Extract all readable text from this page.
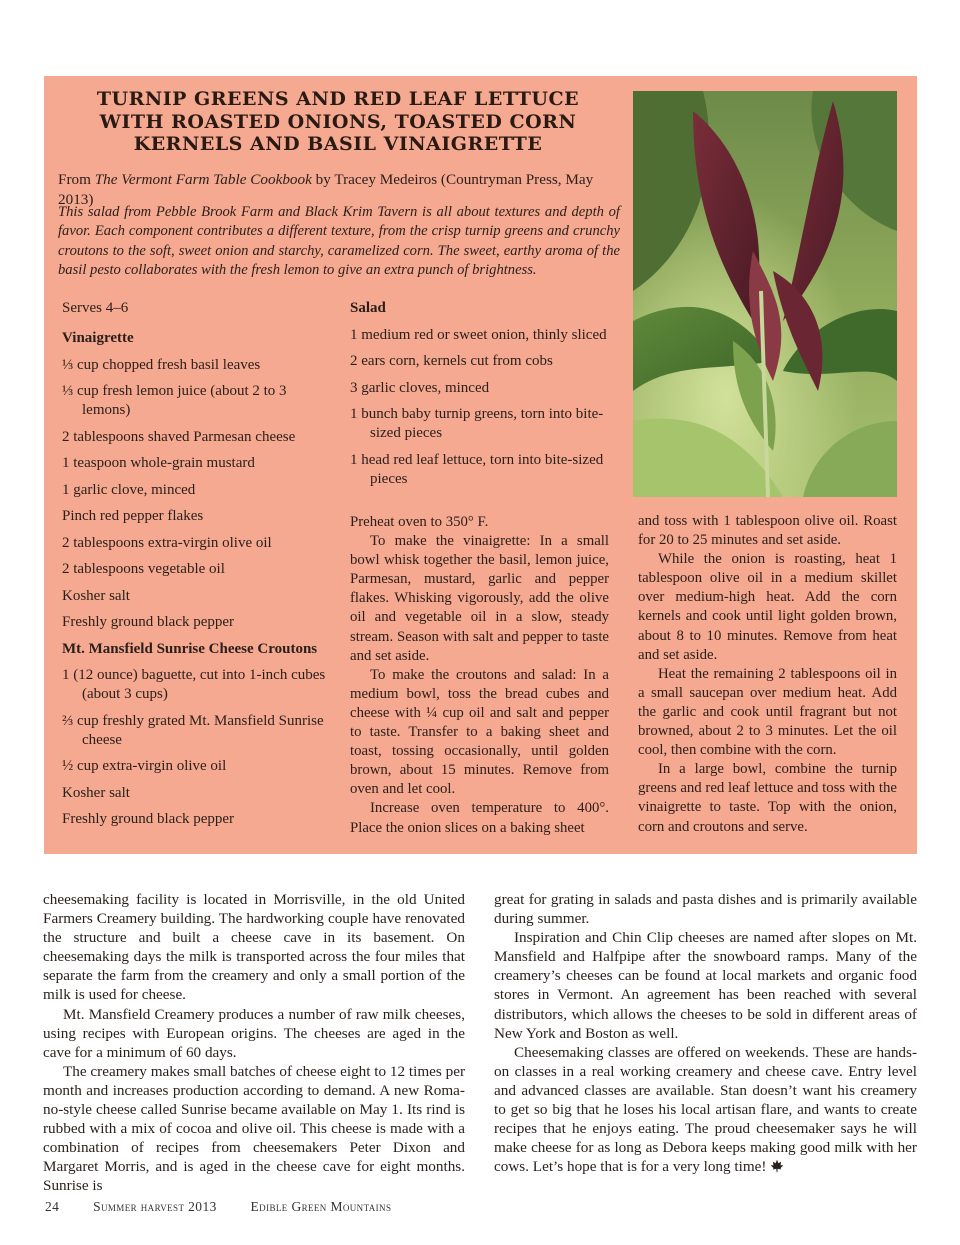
TURNIP GREENS AND RED LEAF LETTUCE WITH ROASTED ONIONS, TOASTED CORN KERNELS AND BASIL VINAIGRETTE
From The Vermont Farm Table Cookbook by Tracey Medeiros (Countryman Press, May 2013)
This salad from Pebble Brook Farm and Black Krim Tavern is all about textures and depth of favor. Each component contributes a different texture, from the crisp turnip greens and crunchy croutons to the soft, sweet onion and starchy, caramelized corn. The sweet, earthy aroma of the basil pesto collaborates with the fresh lemon to give an extra punch of brightness.
Serves 4–6
Vinaigrette
⅓ cup chopped fresh basil leaves
⅓ cup fresh lemon juice (about 2 to 3 lemons)
2 tablespoons shaved Parmesan cheese
1 teaspoon whole-grain mustard
1 garlic clove, minced
Pinch red pepper flakes
2 tablespoons extra-virgin olive oil
2 tablespoons vegetable oil
Kosher salt
Freshly ground black pepper
Mt. Mansfield Sunrise Cheese Croutons
1 (12 ounce) baguette, cut into 1-inch cubes (about 3 cups)
⅔ cup freshly grated Mt. Mansfield Sunrise cheese
½ cup extra-virgin olive oil
Kosher salt
Freshly ground black pepper
Salad
1 medium red or sweet onion, thinly sliced
2 ears corn, kernels cut from cobs
3 garlic cloves, minced
1 bunch baby turnip greens, torn into bite-sized pieces
1 head red leaf lettuce, torn into bite-sized pieces
Preheat oven to 350° F.
To make the vinaigrette: In a small bowl whisk together the basil, lemon juice, Parmesan, mustard, garlic and pepper flakes. Whisking vigorously, add the olive oil and vegetable oil in a slow, steady stream. Season with salt and pepper to taste and set aside.
To make the croutons and salad: In a medium bowl, toss the bread cubes and cheese with ¼ cup oil and salt and pepper to taste. Transfer to a baking sheet and toast, tossing occasionally, until golden brown, about 15 minutes. Remove from oven and let cool.
Increase oven temperature to 400°. Place the onion slices on a baking sheet
and toss with 1 tablespoon olive oil. Roast for 20 to 25 minutes and set aside.
While the onion is roasting, heat 1 tablespoon olive oil in a medium skillet over medium-high heat. Add the corn kernels and cook until light golden brown, about 8 to 10 minutes. Remove from heat and set aside.
Heat the remaining 2 tablespoons oil in a small saucepan over medium heat. Add the garlic and cook until fragrant but not browned, about 2 to 3 minutes. Let the oil cool, then combine with the corn.
In a large bowl, combine the turnip greens and red leaf lettuce and toss with the vinaigrette to taste. Top with the onion, corn and croutons and serve.
cheesemaking facility is located in Morrisville, in the old United Farmers Creamery building. The hardworking couple have renovated the structure and built a cheese cave in its basement. On cheesemaking days the milk is transported across the four miles that separate the farm from the creamery and only a small portion of the milk is used for cheese.
Mt. Mansfield Creamery produces a number of raw milk cheeses, using recipes with European origins. The cheeses are aged in the cave for a minimum of 60 days.
The creamery makes small batches of cheese eight to 12 times per month and increases production according to demand. A new Roma-no-style cheese called Sunrise became available on May 1. Its rind is rubbed with a mix of cocoa and olive oil. This cheese is made with a combination of recipes from cheesemakers Peter Dixon and Margaret Morris, and is aged in the cheese cave for eight months. Sunrise is
great for grating in salads and pasta dishes and is primarily available during summer.
Inspiration and Chin Clip cheeses are named after slopes on Mt. Mansfield and Halfpipe after the snowboard ramps. Many of the creamery’s cheeses can be found at local markets and organic food stores in Vermont. An agreement has been reached with several distributors, which allows the cheeses to be sold in different areas of New York and Boston as well.
Cheesemaking classes are offered on weekends. These are hands-on classes in a real working creamery and cheese cave. Entry level and advanced classes are available. Stan doesn’t want his creamery to get so big that he loses his local artisan flare, and wants to create recipes that he enjoys eating. The proud cheesemaker says he will make cheese for as long as Debora keeps making good milk with her cows. Let’s hope that is for a very long time!
24	Summer harvest 2013	Edible Green Mountains
